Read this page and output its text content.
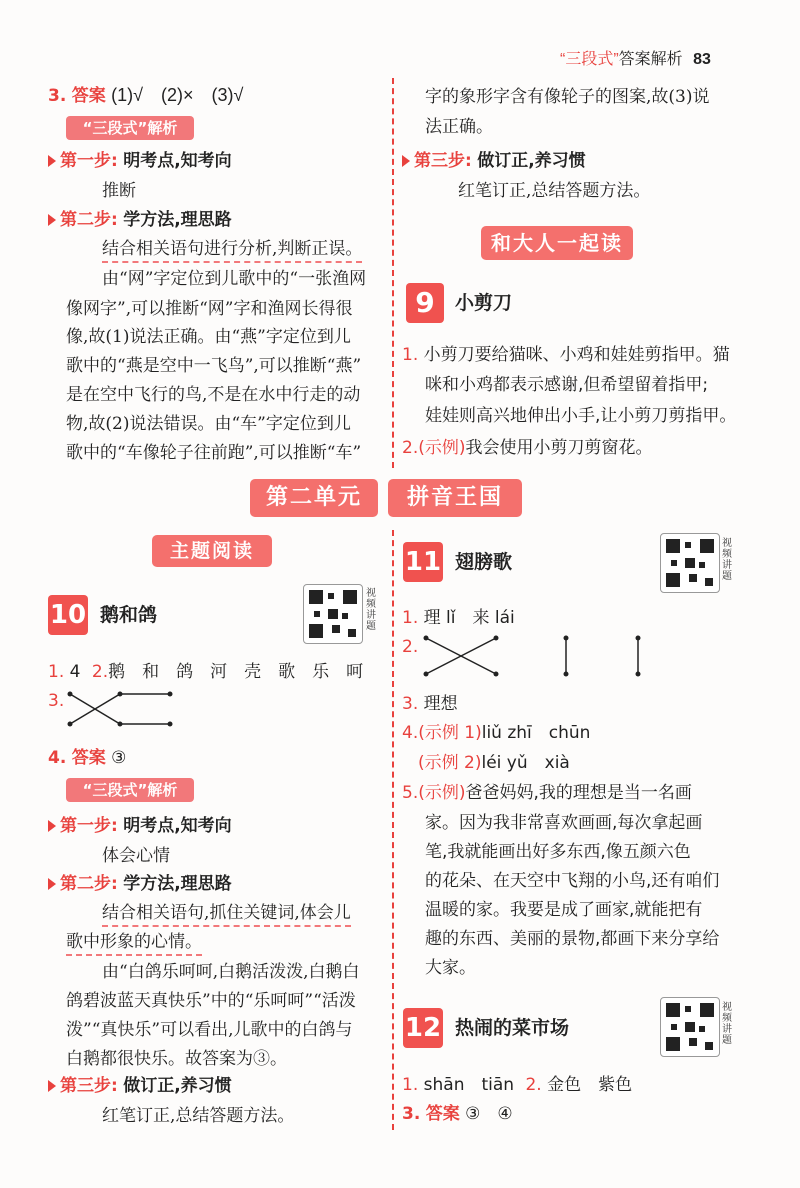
“三段式”答案解析 83
3. 答案 (1)√　(2)×　(3)√
“三段式”解析
第一步: 明考点,知考向
推断
第二步: 学方法,理思路
结合相关语句进行分析,判断正误。
由“网”字定位到儿歌中的“一张渔网
像网字”,可以推断“网”字和渔网长得很
像,故(1)说法正确。由“燕”字定位到儿
歌中的“燕是空中一飞鸟”,可以推断“燕”
是在空中飞行的鸟,不是在水中行走的动
物,故(2)说法错误。由“车”字定位到儿
歌中的“车像轮子往前跑”,可以推断“车”
字的象形字含有像轮子的图案,故(3)说
法正确。
第三步: 做订正,养习惯
红笔订正,总结答题方法。
和大人一起读
9	小剪刀
1. 小剪刀要给猫咪、小鸡和娃娃剪指甲。猫
咪和小鸡都表示感谢,但希望留着指甲;
娃娃则高兴地伸出小手,让小剪刀剪指甲。
2.(示例)我会使用小剪刀剪窗花。
第二单元	拼音王国
主题阅读
10 鹅和鸽
视频讲题
1. 4 2.鹅　和　鸽　河　壳　歌　乐　呵
3.
4. 答案 ③
“三段式”解析
第一步: 明考点,知考向
体会心情
第二步: 学方法,理思路
结合相关语句,抓住关键词,体会儿
歌中形象的心情。
由“白鸽乐呵呵,白鹅活泼泼,白鹅白
鸽碧波蓝天真快乐”中的“乐呵呵”“活泼
泼”“真快乐”可以看出,儿歌中的白鸽与
白鹅都很快乐。故答案为③。
第三步: 做订正,养习惯
红笔订正,总结答题方法。
11 翅膀歌
视频讲题
1. 理 lǐ　来 lái
2.
3. 理想
4.(示例 1)liǔ zhī　chūn
(示例 2)léi yǔ　xià
5.(示例)爸爸妈妈,我的理想是当一名画
家。因为我非常喜欢画画,每次拿起画
笔,我就能画出好多东西,像五颜六色
的花朵、在天空中飞翔的小鸟,还有咱们
温暖的家。我要是成了画家,就能把有
趣的东西、美丽的景物,都画下来分享给
大家。
12 热闹的菜市场
视频讲题
1. shān　tiān 2. 金色　紫色
3. 答案 ③　④
